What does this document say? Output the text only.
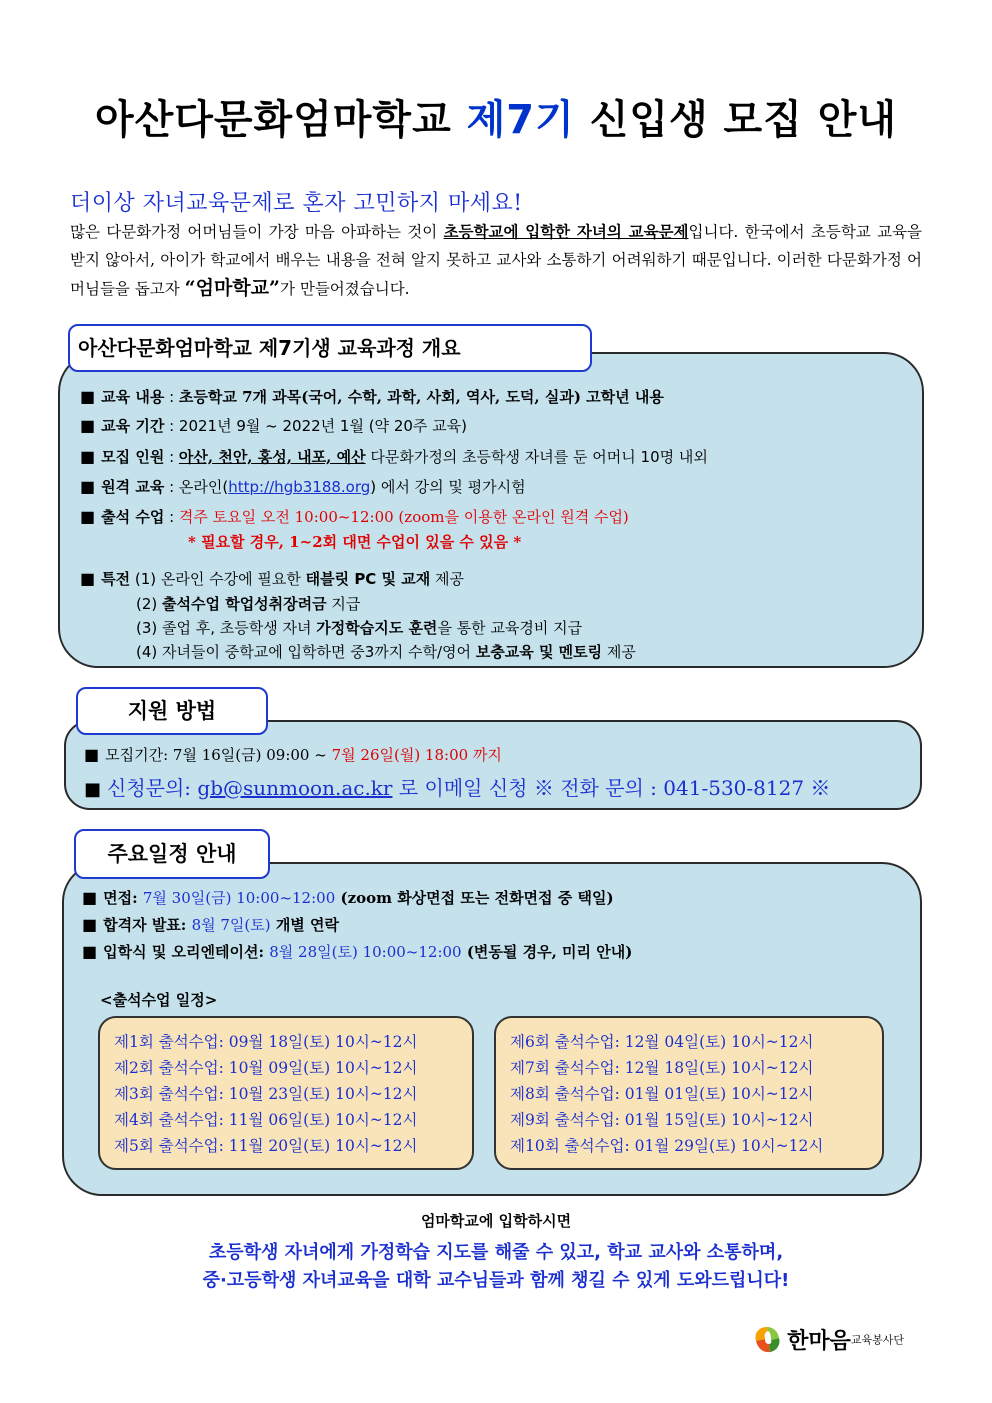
아산다문화엄마학교 제7기 신입생 모집 안내
더이상 자녀교육문제로 혼자 고민하지 마세요!
많은 다문화가정 어머님들이 가장 마음 아파하는 것이 초등학교에 입학한 자녀의 교육문제입니다. 한국에서 초등학교 교육을 받지 않아서, 아이가 학교에서 배우는 내용을 전혀 알지 못하고 교사와 소통하기 어려워하기 때문입니다. 이러한 다문화가정 어머님들을 돕고자 “엄마학교”가 만들어졌습니다.
아산다문화엄마학교 제7기생 교육과정 개요
■ 교육 내용 : 초등학교 7개 과목(국어, 수학, 과학, 사회, 역사, 도덕, 실과) 고학년 내용
■ 교육 기간 : 2021년 9월 ~ 2022년 1월 (약 20주 교육)
■ 모집 인원 : 아산, 천안, 홍성, 내포, 예산 다문화가정의 초등학생 자녀를 둔 어머니 10명 내외
■ 원격 교육 : 온라인(http://hgb3188.org) 에서 강의 및 평가시험
■ 출석 수업 : 격주 토요일 오전 10:00~12:00 (zoom을 이용한 온라인 원격 수업)
* 필요할 경우, 1~2회 대면 수업이 있을 수 있음 *
■ 특전 (1) 온라인 수강에 필요한 태블릿 PC 및 교재 제공
(2) 출석수업 학업성취장려금 지급
(3) 졸업 후, 초등학생 자녀 가정학습지도 훈련을 통한 교육경비 지급
(4) 자녀들이 중학교에 입학하면 중3까지 수학/영어 보충교육 및 멘토링 제공
지원 방법
■ 모집기간: 7월 16일(금) 09:00 ~ 7월 26일(월) 18:00 까지
■ 신청문의: gb@sunmoon.ac.kr 로 이메일 신청 ※ 전화 문의 : 041-530-8127 ※
주요일정 안내
■ 면접: 7월 30일(금) 10:00~12:00 (zoom 화상면접 또는 전화면접 중 택일)
■ 합격자 발표: 8월 7일(토) 개별 연락
■ 입학식 및 오리엔테이션: 8월 28일(토) 10:00~12:00 (변동될 경우, 미리 안내)
<출석수업 일정>
제1회 출석수업: 09월 18일(토) 10시~12시
제2회 출석수업: 10월 09일(토) 10시~12시
제3회 출석수업: 10월 23일(토) 10시~12시
제4회 출석수업: 11월 06일(토) 10시~12시
제5회 출석수업: 11월 20일(토) 10시~12시
제6회 출석수업: 12월 04일(토) 10시~12시
제7회 출석수업: 12월 18일(토) 10시~12시
제8회 출석수업: 01월 01일(토) 10시~12시
제9회 출석수업: 01월 15일(토) 10시~12시
제10회 출석수업: 01월 29일(토) 10시~12시
엄마학교에 입학하시면
초등학생 자녀에게 가정학습 지도를 해줄 수 있고, 학교 교사와 소통하며,
중·고등학생 자녀교육을 대학 교수님들과 함께 챙길 수 있게 도와드립니다!
한마음교육봉사단
